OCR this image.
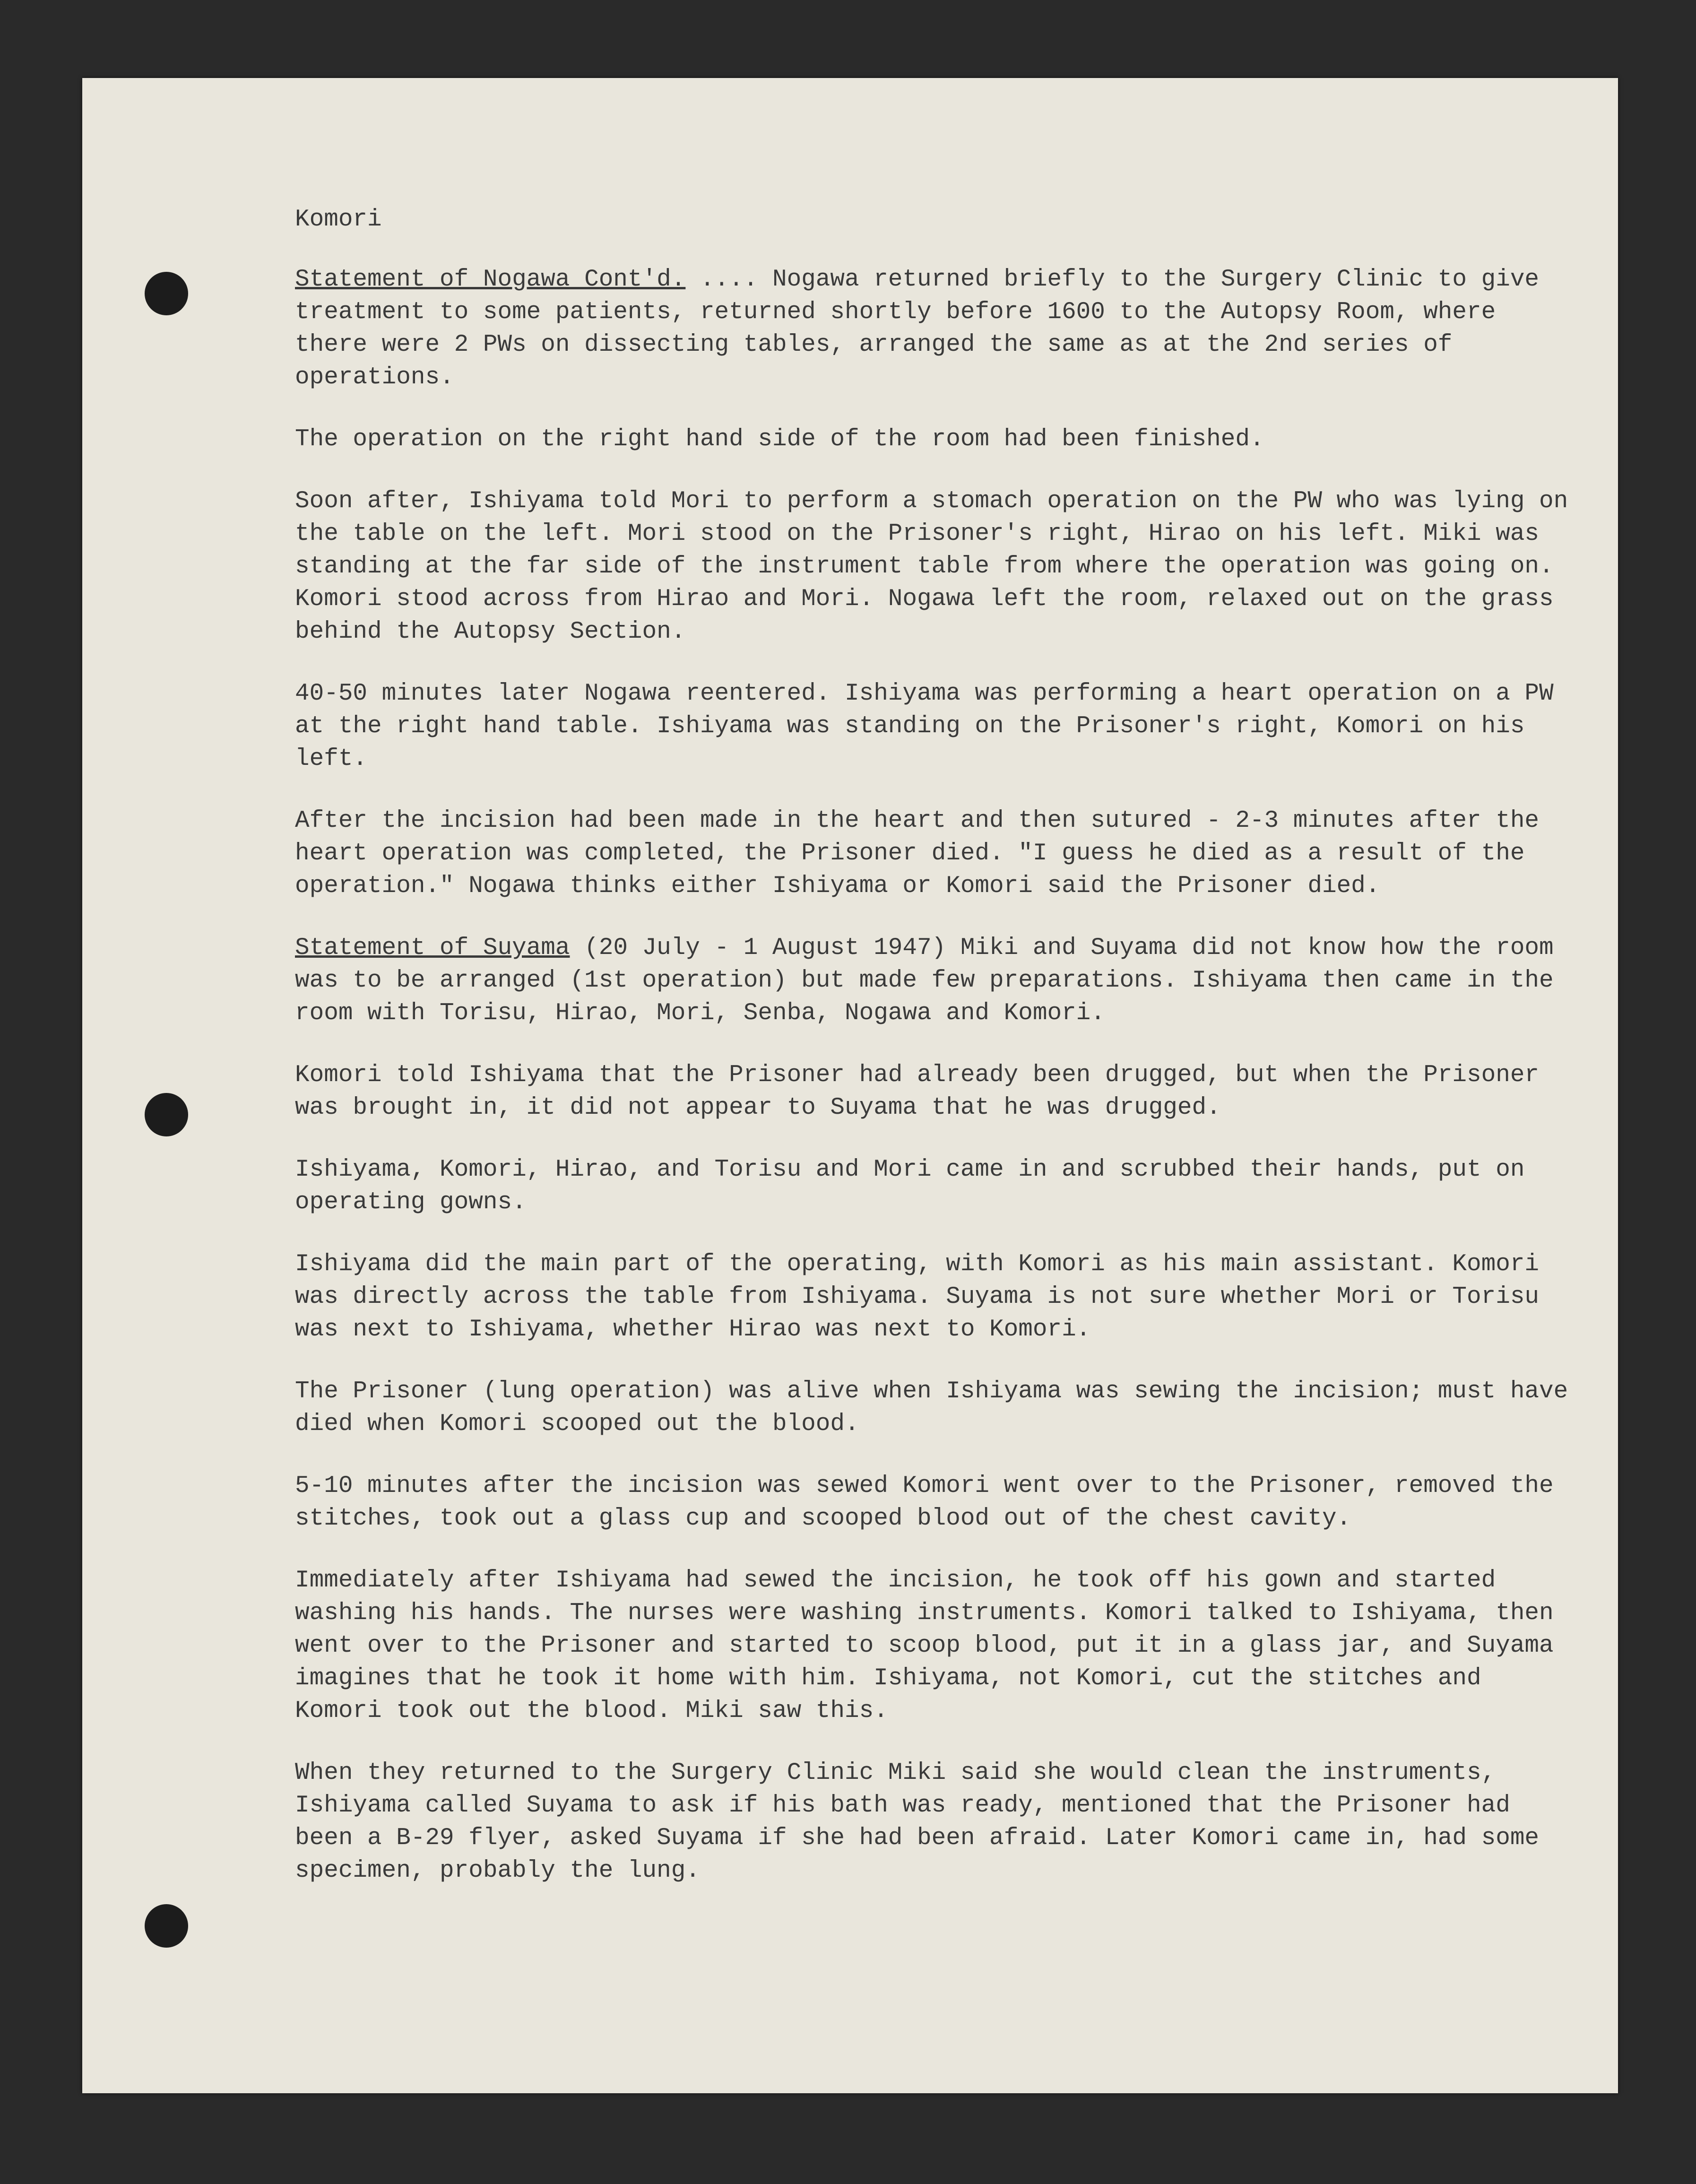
Komori

Statement of Nogawa Cont'd. .... Nogawa returned briefly to the Surgery Clinic to give treatment to some patients, returned shortly before 1600 to the Autopsy Room, where there were 2 PWs on dissecting tables, arranged the same as at the 2nd series of operations.

The operation on the right hand side of the room had been finished.

Soon after, Ishiyama told Mori to perform a stomach operation on the PW who was lying on the table on the left. Mori stood on the Prisoner's right, Hirao on his left. Miki was standing at the far side of the instrument table from where the operation was going on. Komori stood across from Hirao and Mori. Nogawa left the room, relaxed out on the grass behind the Autopsy Section.

40-50 minutes later Nogawa reentered. Ishiyama was performing a heart operation on a PW at the right hand table. Ishiyama was standing on the Prisoner's right, Komori on his left.

After the incision had been made in the heart and then sutured - 2-3 minutes after the heart operation was completed, the Prisoner died. "I guess he died as a result of the operation." Nogawa thinks either Ishiyama or Komori said the Prisoner died.

Statement of Suyama (20 July - 1 August 1947) Miki and Suyama did not know how the room was to be arranged (1st operation) but made few preparations. Ishiyama then came in the room with Torisu, Hirao, Mori, Senba, Nogawa and Komori.

Komori told Ishiyama that the Prisoner had already been drugged, but when the Prisoner was brought in, it did not appear to Suyama that he was drugged.

Ishiyama, Komori, Hirao, and Torisu and Mori came in and scrubbed their hands, put on operating gowns.

Ishiyama did the main part of the operating, with Komori as his main assistant. Komori was directly across the table from Ishiyama. Suyama is not sure whether Mori or Torisu was next to Ishiyama, whether Hirao was next to Komori.

The Prisoner (lung operation) was alive when Ishiyama was sewing the incision; must have died when Komori scooped out the blood.

5-10 minutes after the incision was sewed Komori went over to the Prisoner, removed the stitches, took out a glass cup and scooped blood out of the chest cavity.

Immediately after Ishiyama had sewed the incision, he took off his gown and started washing his hands. The nurses were washing instruments. Komori talked to Ishiyama, then went over to the Prisoner and started to scoop blood, put it in a glass jar, and Suyama imagines that he took it home with him. Ishiyama, not Komori, cut the stitches and Komori took out the blood. Miki saw this.

When they returned to the Surgery Clinic Miki said she would clean the instruments, Ishiyama called Suyama to ask if his bath was ready, mentioned that the Prisoner had been a B-29 flyer, asked Suyama if she had been afraid. Later Komori came in, had some specimen, probably the lung.
